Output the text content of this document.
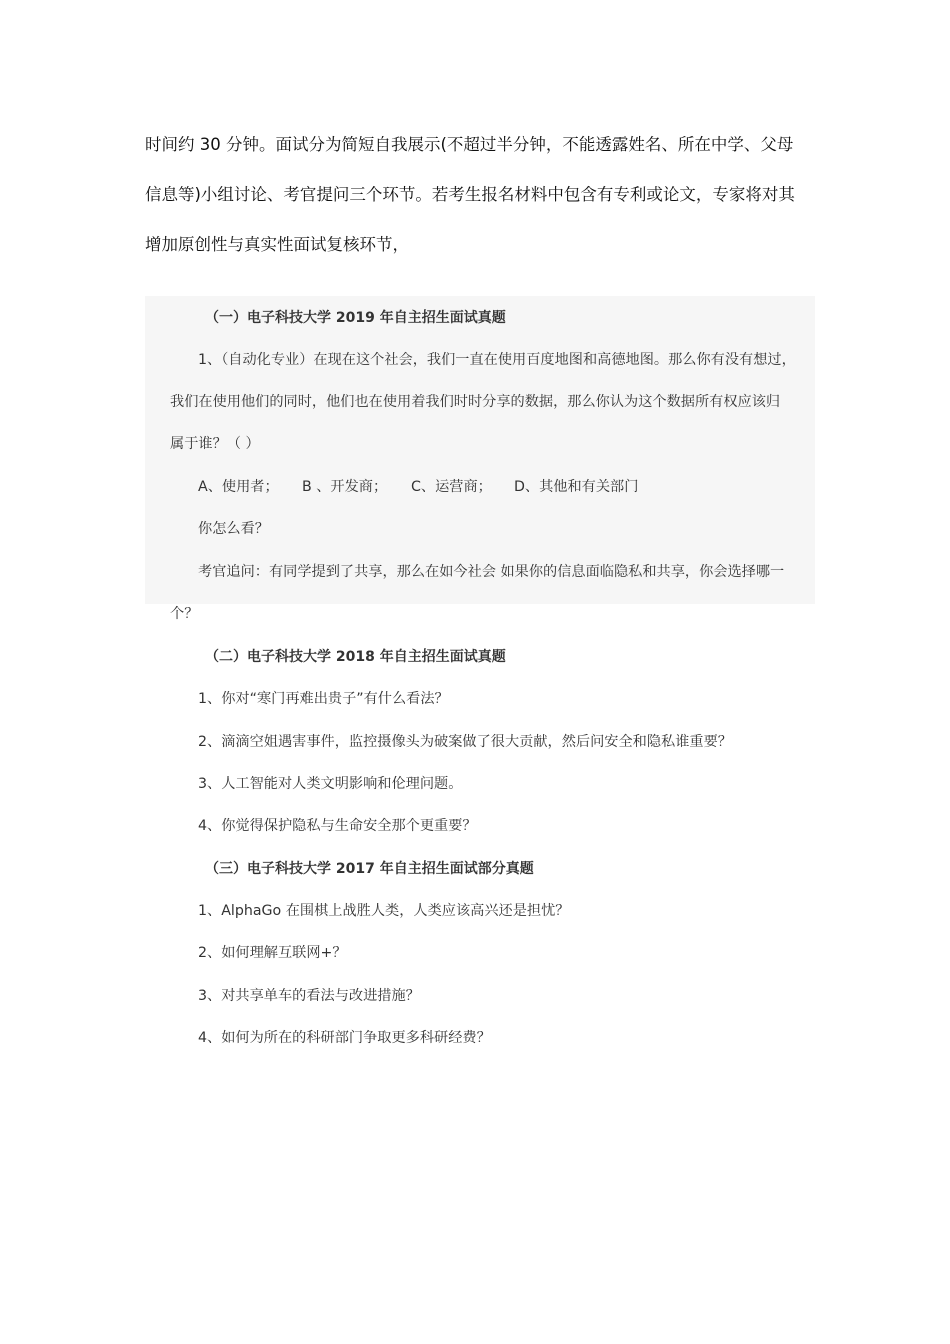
时间约 30 分钟。面试分为简短自我展示(不超过半分钟，不能透露姓名、所在中学、父母
信息等)小组讨论、考官提问三个环节。若考生报名材料中包含有专利或论文，专家将对其
增加原创性与真实性面试复核环节，
（一）电子科技大学 2019 年自主招生面试真题
1、（自动化专业）在现在这个社会，我们一直在使用百度地图和高德地图。那么你有没有想过，
我们在使用他们的同时，他们也在使用着我们时时分享的数据，那么你认为这个数据所有权应该归
属于谁？（ ）
A、使用者； B 、开发商； C、运营商； D、其他和有关部门
你怎么看？
考官追问：有同学提到了共享，那么在如今社会 如果你的信息面临隐私和共享，你会选择哪一
个？
（二）电子科技大学 2018 年自主招生面试真题
1、你对“寒门再难出贵子”有什么看法？
2、滴滴空姐遇害事件，监控摄像头为破案做了很大贡献，然后问安全和隐私谁重要？
3、人工智能对人类文明影响和伦理问题。
4、你觉得保护隐私与生命安全那个更重要？
（三）电子科技大学 2017 年自主招生面试部分真题
1、AlphaGo 在围棋上战胜人类，人类应该高兴还是担忧？
2、如何理解互联网+？
3、对共享单车的看法与改进措施？
4、如何为所在的科研部门争取更多科研经费？
